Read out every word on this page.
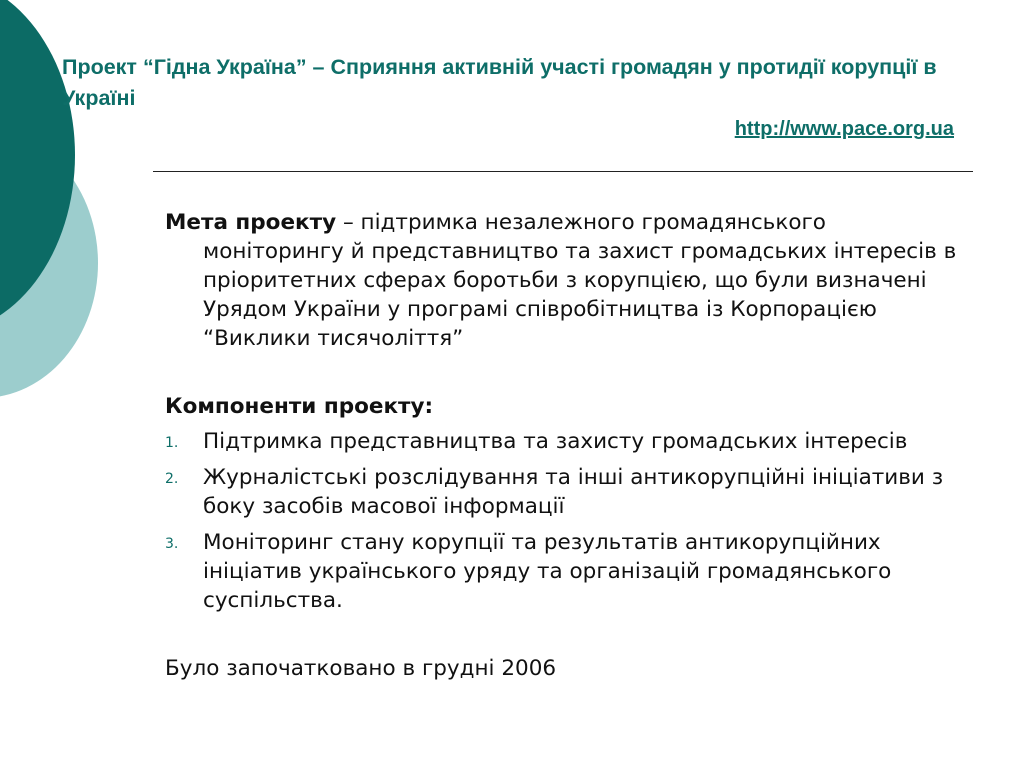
Проект “Гідна Україна” – Сприяння активній участі громадян у протидії корупції в Україні
http://www.pace.org.ua

Мета проекту – підтримка незалежного громадянського моніторингу й представництво та захист громадських інтересів в пріоритетних сферах боротьби з корупцією, що були визначені Урядом України у програмі співробітництва із Корпорацією “Виклики тисячоліття”

Компоненти проекту:
1. Підтримка представництва та захисту громадських інтересів
2. Журналістські розслідування та інші антикорупційні ініціативи з боку засобів масової інформації
3. Моніторинг стану корупції та результатів антикорупційних ініціатив українського уряду та організацій громадянського суспільства.
Було започатковано в грудні 2006
